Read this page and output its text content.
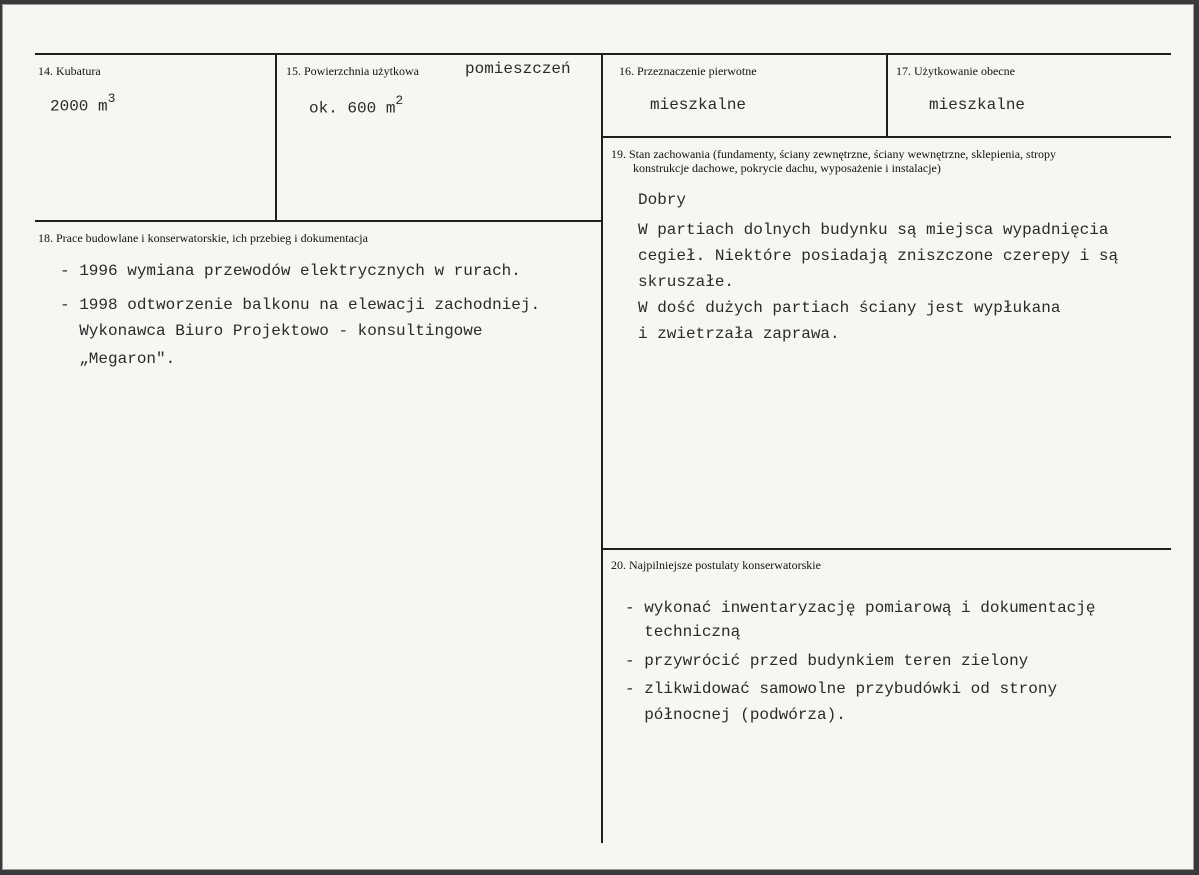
14. Kubatura
2000 $m^3$
15. Powierzchnia użytkowa	pomieszczeń
ok. 600 $m^2$
16. Przeznaczenie pierwotne
mieszkalne
17. Użytkowanie obecne
mieszkalne
19. Stan zachowania (fundamenty, ściany zewnętrzne, ściany wewnętrzne, sklepienia, stropy
konstrukcje dachowe, pokrycie dachu, wyposażenie i instalacje)
Dobry
W partiach dolnych budynku są miejsca wypadnięcia
cegieł. Niektóre posiadają zniszczone czerepy i są
skruszałe.
W dość dużych partiach ściany jest wypłukana
i zwietrzała zaprawa.
18. Prace budowlane i konserwatorskie, ich przebieg i dokumentacja
- 1996 wymiana przewodów elektrycznych w rurach.
- 1998 odtworzenie balkonu na elewacji zachodniej.
Wykonawca Biuro Projektowo - konsultingowe
„Megaron".
20. Najpilniejsze postulaty konserwatorskie
- wykonać inwentaryzację pomiarową i dokumentację
techniczną
- przywrócić przed budynkiem teren zielony
- zlikwidować samowolne przybudówki od strony
północnej (podwórza).
